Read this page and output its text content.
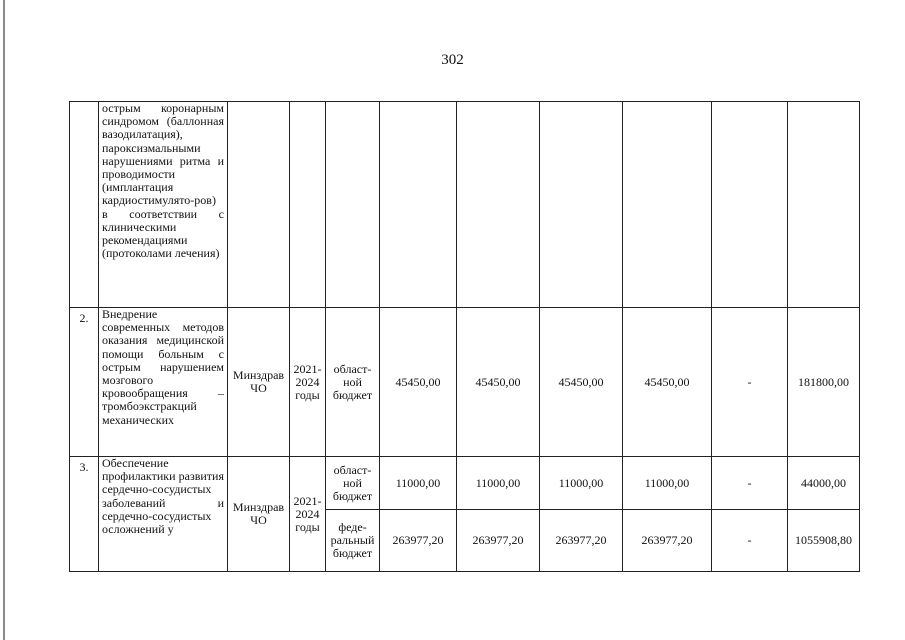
302
	острым коронарным синдромом (баллонная вазодилатация), пароксизмальными нарушениями ритма и проводимости (имплантация кардиостимулято-ров) в соответствии с клиническими рекомендациями (протоколами лечения)									
2.	Внедрение современных методов оказания медицинской помощи больным с острым нарушением мозгового кровообращения – тромбоэкстракций механических	Минздрав ЧО	2021-2024 годы	област-ной бюджет	45450,00	45450,00	45450,00	45450,00	-	181800,00
3.	Обеспечение профилактики развития сердечно-сосудистых заболеваний и сердечно-сосудистых осложнений у	Минздрав ЧО	2021-2024 годы	област-ной бюджет	11000,00	11000,00	11000,00	11000,00	-	44000,00
				феде-ральный бюджет	263977,20	263977,20	263977,20	263977,20	-	1055908,80
